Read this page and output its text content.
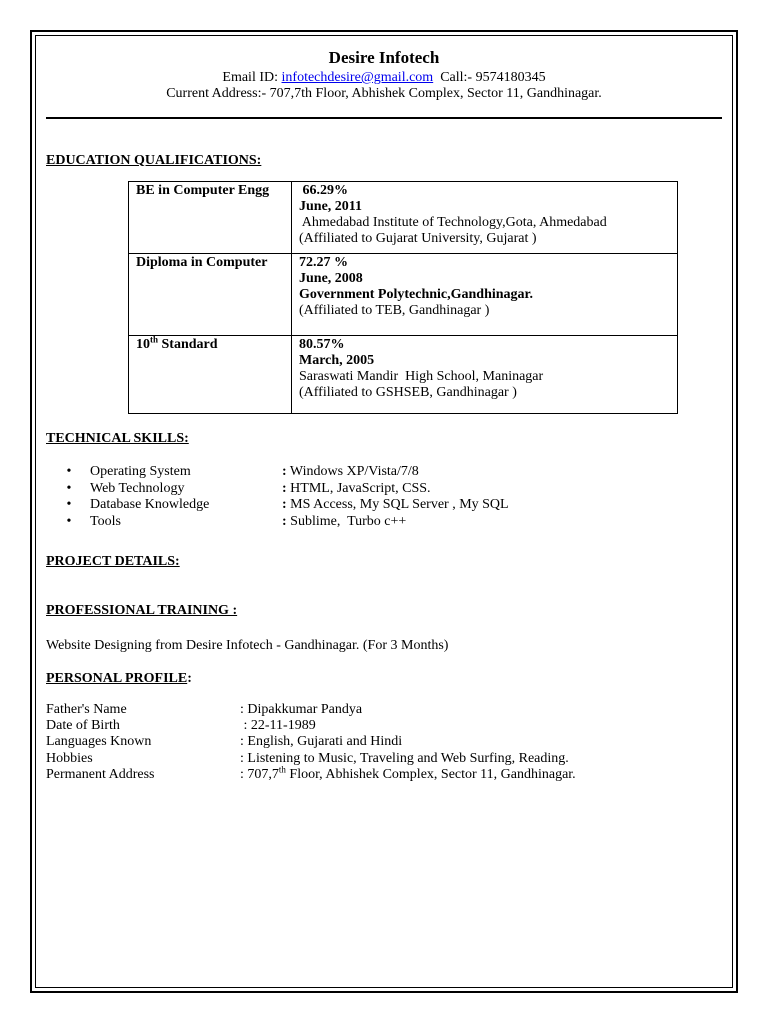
Desire Infotech
Email ID: infotechdesire@gmail.com  Call:- 9574180345
Current Address:- 707,7th Floor, Abhishek Complex, Sector 11, Gandhinagar.
EDUCATION QUALIFICATIONS:
BE in Computer Engg	66.29%
June, 2011
Ahmedabad Institute of Technology,Gota, Ahmedabad
(Affiliated to Gujarat University, Gujarat )

Diploma in Computer	72.27 %
June, 2008
Government Polytechnic,Gandhinagar.
(Affiliated to TEB, Gandhinagar )

10th Standard	80.57%
March, 2005
Saraswati Mandir  High School, Maninagar
(Affiliated to GSHSEB, Gandhinagar )
TECHNICAL SKILLS:
•	Operating System	: Windows XP/Vista/7/8
•	Web Technology	: HTML, JavaScript, CSS.
•	Database Knowledge	: MS Access, My SQL Server , My SQL
•	Tools	: Sublime,  Turbo c++
PROJECT DETAILS:
PROFESSIONAL TRAINING :
Website Designing from Desire Infotech - Gandhinagar. (For 3 Months)
PERSONAL PROFILE:
Father's Name	: Dipakkumar Pandya
Date of Birth	: 22-11-1989
Languages Known	: English, Gujarati and Hindi
Hobbies	: Listening to Music, Traveling and Web Surfing, Reading.
Permanent Address	: 707,7th Floor, Abhishek Complex, Sector 11, Gandhinagar.
